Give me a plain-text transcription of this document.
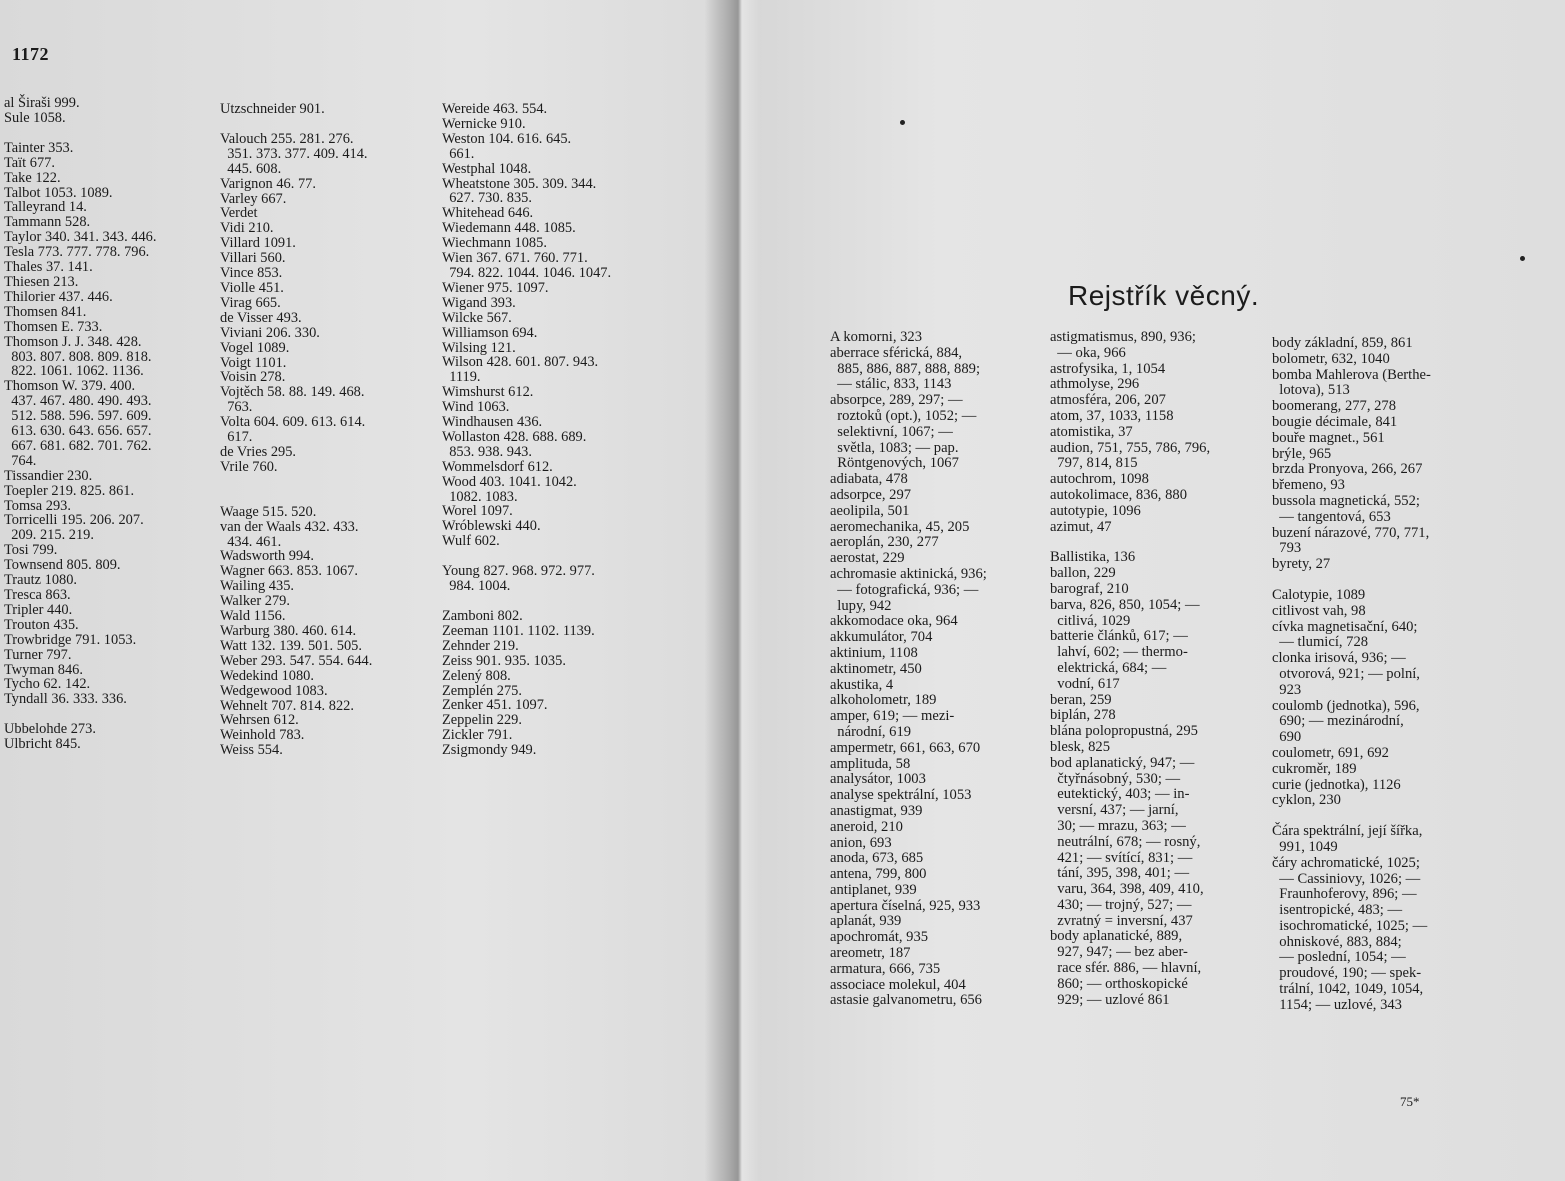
1172
al Širaši 999.
Sule 1058.
Tainter 353.
Taït 677.
Take 122.
Talbot 1053. 1089.
Talleyrand 14.
Tammann 528.
Taylor 340. 341. 343. 446.
Tesla 773. 777. 778. 796.
Thales 37. 141.
Thiesen 213.
Thilorier 437. 446.
Thomsen 841.
Thomsen E. 733.
Thomson J. J. 348. 428.
803. 807. 808. 809. 818.
822. 1061. 1062. 1136.
Thomson W. 379. 400.
437. 467. 480. 490. 493.
512. 588. 596. 597. 609.
613. 630. 643. 656. 657.
667. 681. 682. 701. 762.
764.
Tissandier 230.
Toepler 219. 825. 861.
Tomsa 293.
Torricelli 195. 206. 207.
209. 215. 219.
Tosi 799.
Townsend 805. 809.
Trautz 1080.
Tresca 863.
Tripler 440.
Trouton 435.
Trowbridge 791. 1053.
Turner 797.
Twyman 846.
Tycho 62. 142.
Tyndall 36. 333. 336.
Ubbelohde 273.
Ulbricht 845.
Utzschneider 901.
Valouch 255. 281. 276.
351. 373. 377. 409. 414.
445. 608.
Varignon 46. 77.
Varley 667.
Verdet
Vidi 210.
Villard 1091.
Villari 560.
Vince 853.
Violle 451.
Virag 665.
de Visser 493.
Viviani 206. 330.
Vogel 1089.
Voigt 1101.
Voisin 278.
Vojtěch 58. 88. 149. 468.
763.
Volta 604. 609. 613. 614.
617.
de Vries 295.
Vrile 760.
Waage 515. 520.
van der Waals 432. 433.
434. 461.
Wadsworth 994.
Wagner 663. 853. 1067.
Wailing 435.
Walker 279.
Wald 1156.
Warburg 380. 460. 614.
Watt 132. 139. 501. 505.
Weber 293. 547. 554. 644.
Wedekind 1080.
Wedgewood 1083.
Wehnelt 707. 814. 822.
Wehrsen 612.
Weinhold 783.
Weiss 554.
Wereide 463. 554.
Wernicke 910.
Weston 104. 616. 645.
661.
Westphal 1048.
Wheatstone 305. 309. 344.
627. 730. 835.
Whitehead 646.
Wiedemann 448. 1085.
Wiechmann 1085.
Wien 367. 671. 760. 771.
794. 822. 1044. 1046. 1047.
Wiener 975. 1097.
Wigand 393.
Wilcke 567.
Williamson 694.
Wilsing 121.
Wilson 428. 601. 807. 943.
1119.
Wimshurst 612.
Wind 1063.
Windhausen 436.
Wollaston 428. 688. 689.
853. 938. 943.
Wommelsdorf 612.
Wood 403. 1041. 1042.
1082. 1083.
Worel 1097.
Wróblewski 440.
Wulf 602.
Young 827. 968. 972. 977.
984. 1004.
Zamboni 802.
Zeeman 1101. 1102. 1139.
Zehnder 219.
Zeiss 901. 935. 1035.
Zelený 808.
Zemplén 275.
Zenker 451. 1097.
Zeppelin 229.
Zickler 791.
Zsigmondy 949.
Rejstřík věcný.
A komorni, 323
aberrace sférická, 884,
885, 886, 887, 888, 889;
— stálic, 833, 1143
absorpce, 289, 297; —
roztoků (opt.), 1052; —
selektivní, 1067; —
světla, 1083; — pap.
Röntgenových, 1067
adiabata, 478
adsorpce, 297
aeolipila, 501
aeromechanika, 45, 205
aeroplán, 230, 277
aerostat, 229
achromasie aktinická, 936;
— fotografická, 936; —
lupy, 942
akkomodace oka, 964
akkumulátor, 704
aktinium, 1108
aktinometr, 450
akustika, 4
alkoholometr, 189
amper, 619; — mezi-
národní, 619
ampermetr, 661, 663, 670
amplituda, 58
analysátor, 1003
analyse spektrální, 1053
anastigmat, 939
aneroid, 210
anion, 693
anoda, 673, 685
antena, 799, 800
antiplanet, 939
apertura číselná, 925, 933
aplanát, 939
apochromát, 935
areometr, 187
armatura, 666, 735
associace molekul, 404
astasie galvanometru, 656
astigmatismus, 890, 936;
— oka, 966
astrofysika, 1, 1054
athmolyse, 296
atmosféra, 206, 207
atom, 37, 1033, 1158
atomistika, 37
audion, 751, 755, 786, 796,
797, 814, 815
autochrom, 1098
autokolimace, 836, 880
autotypie, 1096
azimut, 47
Ballistika, 136
ballon, 229
barograf, 210
barva, 826, 850, 1054; —
citlivá, 1029
batterie článků, 617; —
lahví, 602; — thermo-
elektrická, 684; —
vodní, 617
beran, 259
biplán, 278
blána polopropustná, 295
blesk, 825
bod aplanatický, 947; —
čtyřnásobný, 530; —
eutektický, 403; — in-
versní, 437; — jarní,
30; — mrazu, 363; —
neutrální, 678; — rosný,
421; — svítící, 831; —
tání, 395, 398, 401; —
varu, 364, 398, 409, 410,
430; — trojný, 527; —
zvratný = inversní, 437
body aplanatické, 889,
927, 947; — bez aber-
race sfér. 886, — hlavní,
860; — orthoskopické
929; — uzlové 861
body základní, 859, 861
bolometr, 632, 1040
bomba Mahlerova (Berthe-
lotova), 513
boomerang, 277, 278
bougie décimale, 841
bouře magnet., 561
brýle, 965
brzda Pronyova, 266, 267
břemeno, 93
bussola magnetická, 552;
— tangentová, 653
buzení nárazové, 770, 771,
793
byrety, 27
Calotypie, 1089
citlivost vah, 98
cívka magnetisační, 640;
— tlumicí, 728
clonka irisová, 936; —
otvorová, 921; — polní,
923
coulomb (jednotka), 596,
690; — mezinárodní,
690
coulometr, 691, 692
cukroměr, 189
curie (jednotka), 1126
cyklon, 230
Čára spektrální, její šířka,
991, 1049
čáry achromatické, 1025;
— Cassiniovy, 1026; —
Fraunhoferovy, 896; —
isentropické, 483; —
isochromatické, 1025; —
ohniskové, 883, 884;
— poslední, 1054; —
proudové, 190; — spek-
trální, 1042, 1049, 1054,
1154; — uzlové, 343
75*
